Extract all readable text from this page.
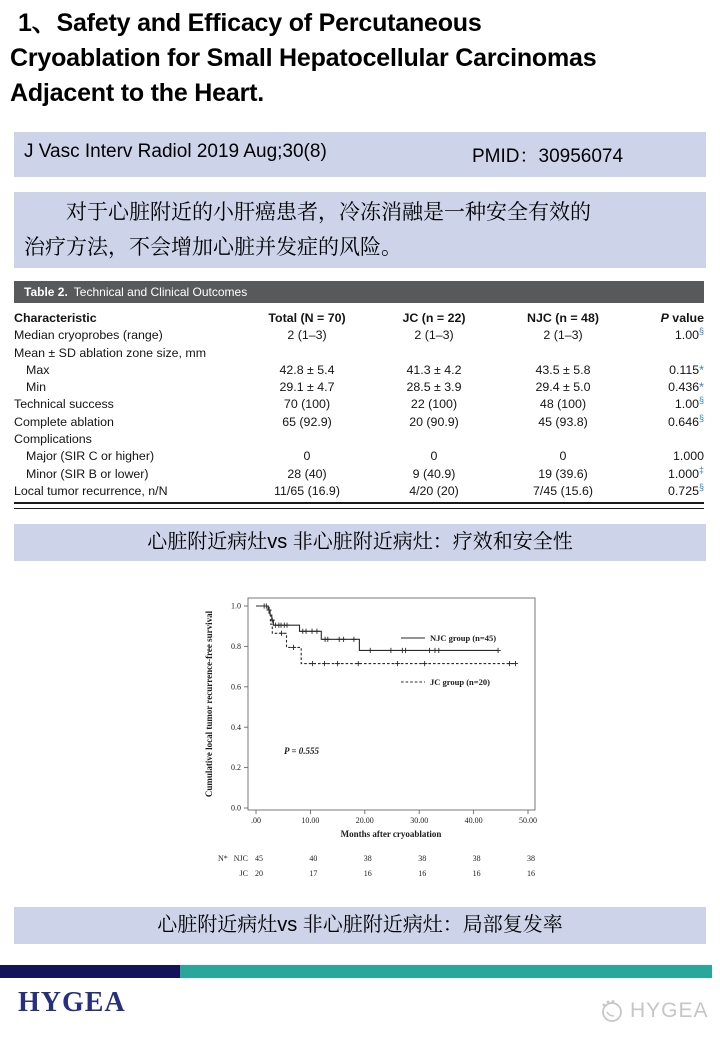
1、Safety and Efficacy of Percutaneous
Cryoablation for Small Hepatocellular Carcinomas
Adjacent to the Heart.
J Vasc Interv Radiol 2019 Aug;30(8)	PMID：30956074
对于心脏附近的小肝癌患者，冷冻消融是一种安全有效的
治疗方法，不会增加心脏并发症的风险。
Table 2. Technical and Clinical Outcomes
Characteristic	Total (N = 70)	JC (n = 22)	NJC (n = 48)	P value
Median cryoprobes (range)	2 (1–3)	2 (1–3)	2 (1–3)	1.00§
Mean ± SD ablation zone size, mm
Max	42.8 ± 5.4	41.3 ± 4.2	43.5 ± 5.8	0.115*
Min	29.1 ± 4.7	28.5 ± 3.9	29.4 ± 5.0	0.436*
Technical success	70 (100)	22 (100)	48 (100)	1.00§
Complete ablation	65 (92.9)	20 (90.9)	45 (93.8)	0.646§
Complications
Major (SIR C or higher)	0	0	0	1.000
Minor (SIR B or lower)	28 (40)	9 (40.9)	19 (39.6)	1.000‡
Local tumor recurrence, n/N	11/65 (16.9)	4/20 (20)	7/45 (15.6)	0.725§
心脏附近病灶vs 非心脏附近病灶：疗效和安全性
0.0
0.2
0.4
0.6
0.8
1.0
.00	10.00	20.00	30.00	40.00	50.00
Months after cryoablation
Cumulative local tumor recurrence-free survival	NJC group (n=45)
JC group (n=20)
P = 0.555
N* NJC 45	40	38	38	38	38
JC 20	17	16	16	16	16
心脏附近病灶vs 非心脏附近病灶：局部复发率
HYGEA	HYGEA
